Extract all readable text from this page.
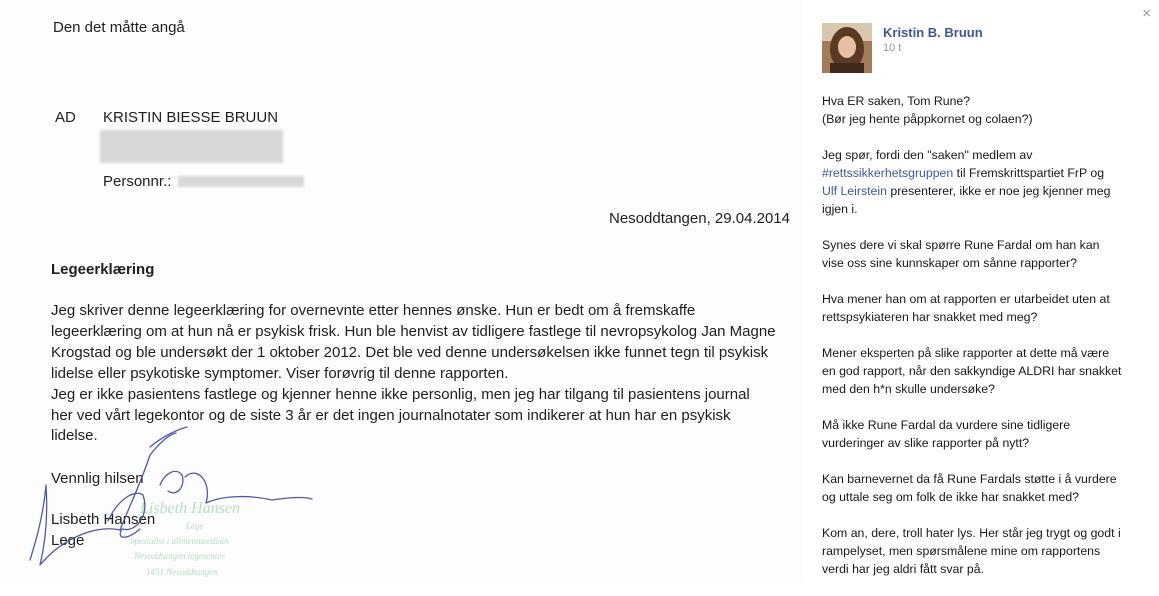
Den det måtte angå
AD KRISTIN BIESSE BRUUN
Personnr.:
Nesoddtangen, 29.04.2014
Legeerklæring
Jeg skriver denne legeerklæring for overnevnte etter hennes ønske. Hun er bedt om å fremskaffe
legeerklæring om at hun nå er psykisk frisk. Hun ble henvist av tidligere fastlege til nevropsykolog Jan Magne
Krogstad og ble undersøkt der 1 oktober 2012. Det ble ved denne undersøkelsen ikke funnet tegn til psykisk
lidelse eller psykotiske symptomer. Viser forøvrig til denne rapporten.
Jeg er ikke pasientens fastlege og kjenner henne ikke personlig, men jeg har tilgang til pasientens journal
her ved vårt legekontor og de siste 3 år er det ingen journalnotater som indikerer at hun har en psykisk
lidelse.
Vennlig hilsen
Lisbeth Hansen
Lege
Lisbeth Hansen
Lege
Spesialist i allmennmedisin
Nesoddtangen legesenter
1451 Nesoddtangen
×
Kristin B. Bruun
10 t

Hva ER saken, Tom Rune?
(Bør jeg hente påppkornet og colaen?)

Jeg spør, fordi den "saken" medlem av
#rettssikkerhetsgruppen til Fremskrittspartiet FrP og
Ulf Leirstein presenterer, ikke er noe jeg kjenner meg
igjen i.

Synes dere vi skal spørre Rune Fardal om han kan
vise oss sine kunnskaper om sånne rapporter?

Hva mener han om at rapporten er utarbeidet uten at
rettspsykiateren har snakket med meg?

Mener eksperten på slike rapporter at dette må være
en god rapport, når den sakkyndige ALDRI har snakket
med den h*n skulle undersøke?

Må ikke Rune Fardal da vurdere sine tidligere
vurderinger av slike rapporter på nytt?

Kan barnevernet da få Rune Fardals støtte i å vurdere
og uttale seg om folk de ikke har snakket med?

Kom an, dere, troll hater lys. Her står jeg trygt og godt i
rampelyset, men spørsmålene mine om rapportens
verdi har jeg aldri fått svar på.
